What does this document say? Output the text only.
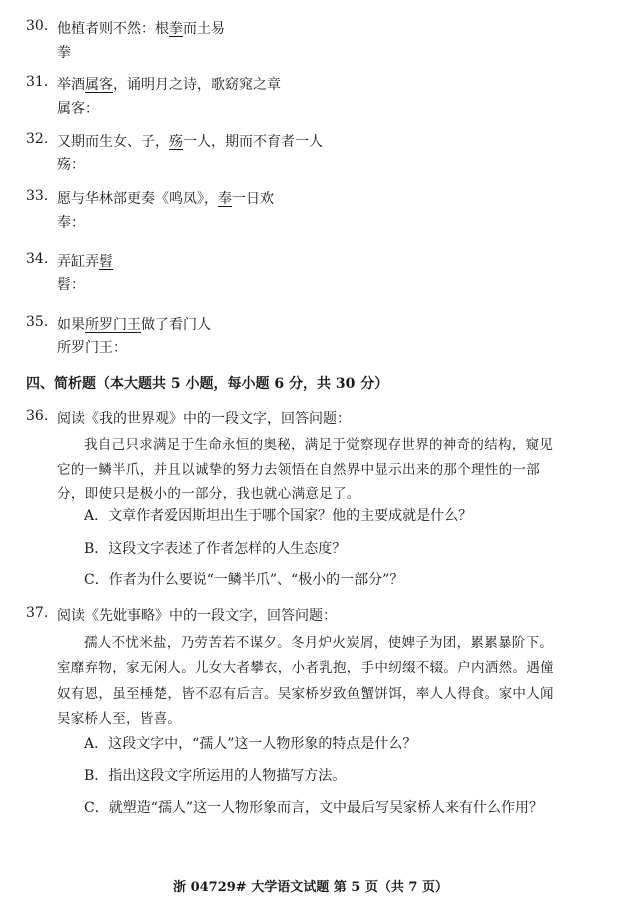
30. 他植者则不然：根拳而土易
拳
31. 举酒属客，诵明月之诗，歌窈窕之章
属客：
32. 又期而生女、子，殇一人，期而不育者一人
殇：
33. 愿与华林部更奏《鸣凤》，奉一日欢
奉：
34. 弄缸弄髫
髫：
35. 如果所罗门王做了看门人
所罗门王：
四、简析题（本大题共 5 小题，每小题 6 分，共 30 分）
36. 阅读《我的世界观》中的一段文字，回答问题：
我自己只求满足于生命永恒的奥秘，满足于觉察现存世界的神奇的结构，窥见
它的一鳞半爪，并且以诚挚的努力去领悟在自然界中显示出来的那个理性的一部
分，即使只是极小的一部分，我也就心满意足了。
A．文章作者爱因斯坦出生于哪个国家？他的主要成就是什么？
B．这段文字表述了作者怎样的人生态度？
C．作者为什么要说“一鳞半爪”、“极小的一部分”？
37. 阅读《先妣事略》中的一段文字，回答问题：
孺人不忧米盐，乃劳苦若不谋夕。冬月炉火炭屑，使婢子为团，累累暴阶下。
室靡弃物，家无闲人。儿女大者攀衣，小者乳抱，手中纫缀不辍。户内洒然。遇僮
奴有恩，虽至棰楚，皆不忍有后言。吴家桥岁致鱼蟹饼饵，率人人得食。家中人闻
吴家桥人至，皆喜。
A．这段文字中，“孺人”这一人物形象的特点是什么？
B．指出这段文字所运用的人物描写方法。
C．就塑造“孺人”这一人物形象而言，文中最后写吴家桥人来有什么作用？
浙 04729# 大学语文试题 第 5 页（共 7 页）
